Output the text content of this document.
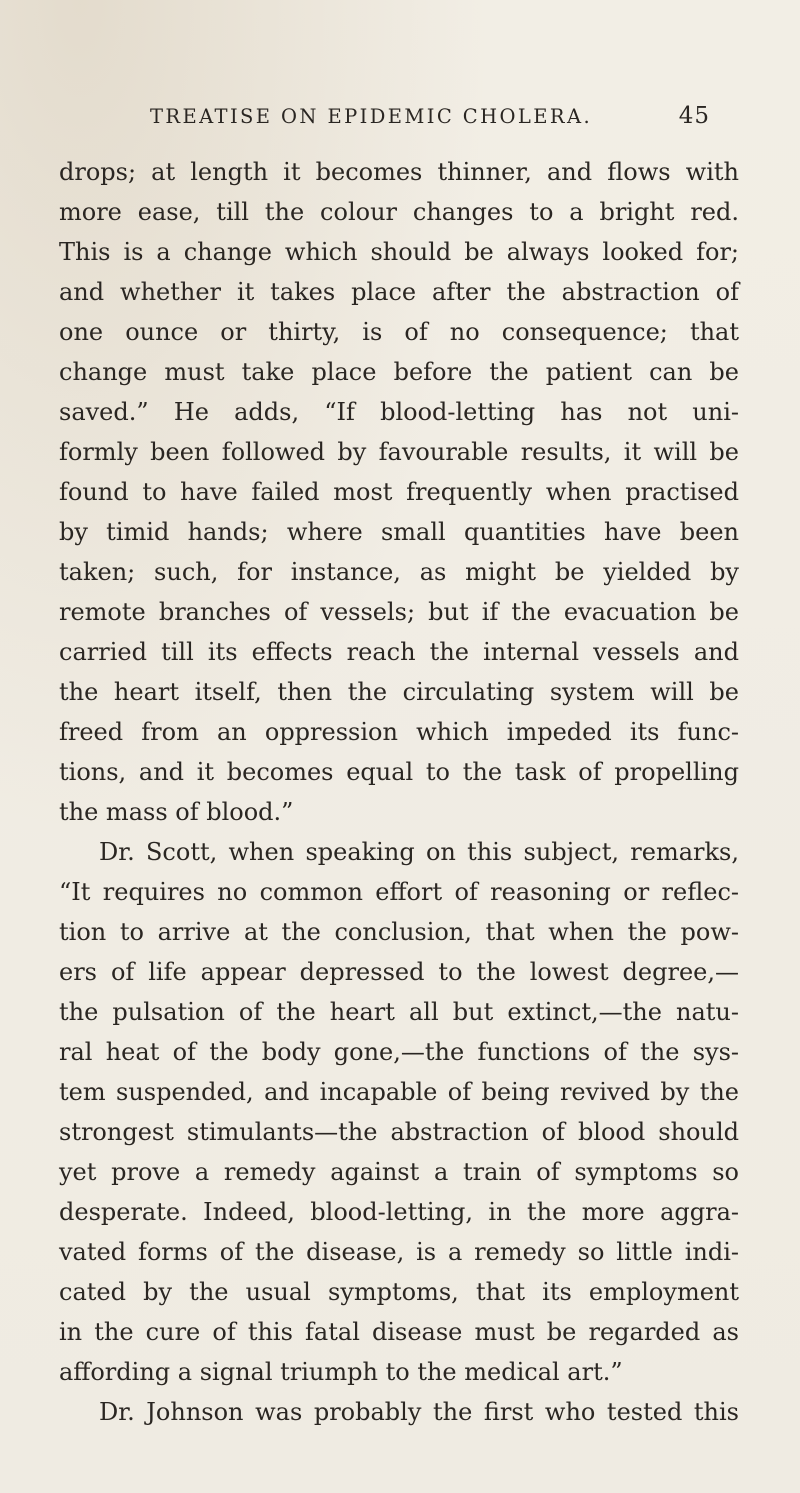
TREATISE ON EPIDEMIC CHOLERA.	45
drops; at length it becomes thinner, and flows with
more ease, till the colour changes to a bright red.
This is a change which should be always looked for;
and whether it takes place after the abstraction of
one ounce or thirty, is of no consequence; that
change must take place before the patient can be
saved.” He adds, “If blood-letting has not uni-
formly been followed by favourable results, it will be
found to have failed most frequently when practised
by timid hands; where small quantities have been
taken; such, for instance, as might be yielded by
remote branches of vessels; but if the evacuation be
carried till its effects reach the internal vessels and
the heart itself, then the circulating system will be
freed from an oppression which impeded its func-
tions, and it becomes equal to the task of propelling
the mass of blood.”
Dr. Scott, when speaking on this subject, remarks,
“It requires no common effort of reasoning or reflec-
tion to arrive at the conclusion, that when the pow-
ers of life appear depressed to the lowest degree,—
the pulsation of the heart all but extinct,—the natu-
ral heat of the body gone,—the functions of the sys-
tem suspended, and incapable of being revived by the
strongest stimulants—the abstraction of blood should
yet prove a remedy against a train of symptoms so
desperate. Indeed, blood-letting, in the more aggra-
vated forms of the disease, is a remedy so little indi-
cated by the usual symptoms, that its employment
in the cure of this fatal disease must be regarded as
affording a signal triumph to the medical art.”
Dr. Johnson was probably the first who tested this
